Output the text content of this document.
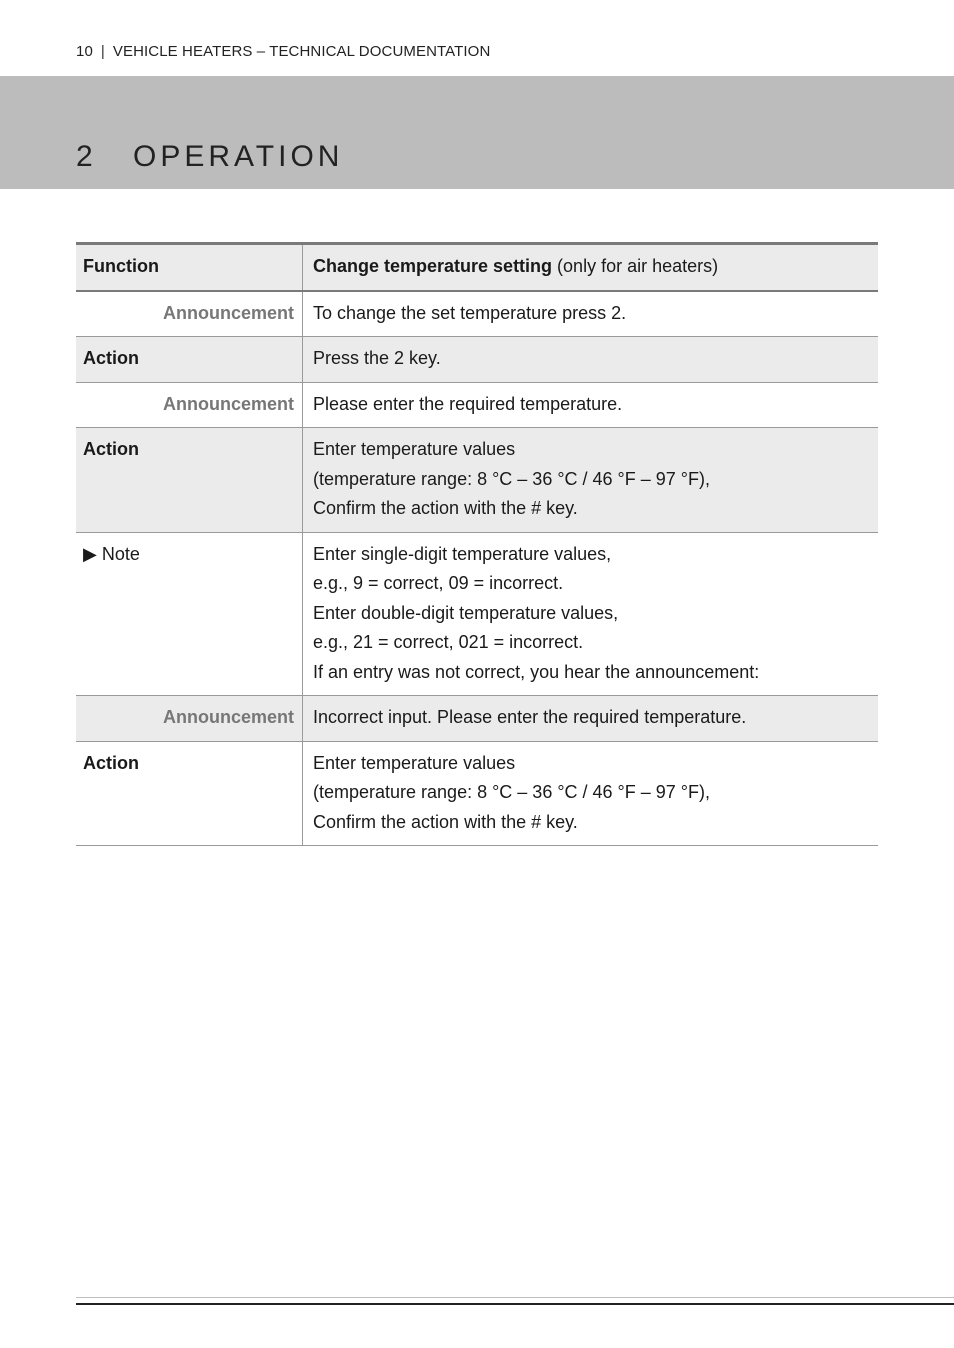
10 | VEHICLE HEATERS – TECHNICAL DOCUMENTATION
2 OPERATION
Function	Change temperature setting (only for air heaters)

Announcement	To change the set temperature press 2.

Action	Press the 2 key.

Announcement	Please enter the required temperature.

Action	Enter temperature values
(temperature range: 8 °C – 36 °C / 46 °F – 97 °F),
Confirm the action with the # key.

▶ Note	Enter single-digit temperature values,
e.g., 9 = correct, 09 = incorrect.
Enter double-digit temperature values,
e.g., 21 = correct, 021 = incorrect.
If an entry was not correct, you hear the announcement:

Announcement	Incorrect input. Please enter the required temperature.

Action	Enter temperature values
(temperature range: 8 °C – 36 °C / 46 °F – 97 °F),
Confirm the action with the # key.
